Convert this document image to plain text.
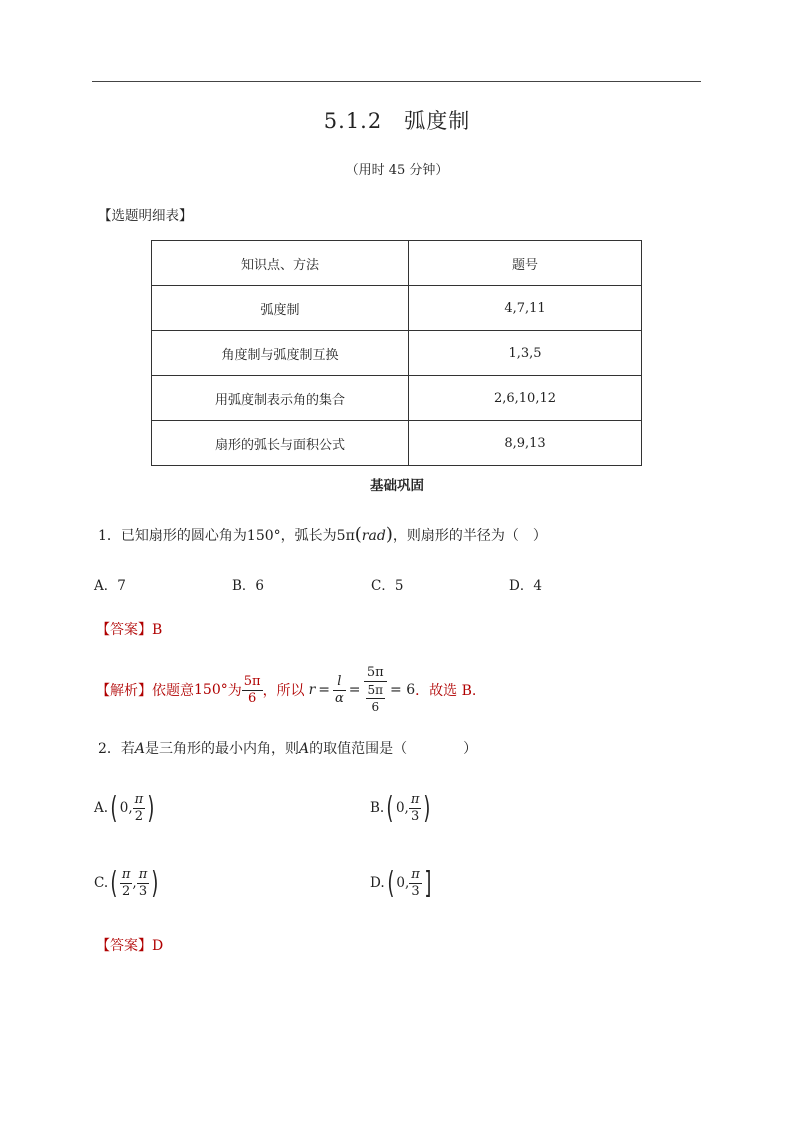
5.1.2　弧度制
（用时 45 分钟）
【选题明细表】
知识点、方法	题号
弧度制	4,7,11
角度制与弧度制互换	1,3,5
用弧度制表示角的集合	2,6,10,12
扇形的弧长与面积公式	8,9,13
基础巩固
1．已知扇形的圆心角为150°，弧长为5π(rad)，则扇形的半径为（　）
A．7	B．6	C．5	D．4
【答案】B
【解析】 依题意 150° 为 $\frac{5\pi}{6}$ ，所以 $r = \frac{l}{\alpha} = \frac{5\pi}{\frac{5\pi}{6}} = 6$ ．故选 B.
2．若A是三角形的最小内角，则A的取值范围是（　　　　）
A. ( 0, $\frac{\pi}{2}$ )	B. ( 0, $\frac{\pi}{3}$ )
C. ( $\frac{\pi}{2}$ , $\frac{\pi}{3}$ )	D. ( 0, $\frac{\pi}{3}$ ]
【答案】D
